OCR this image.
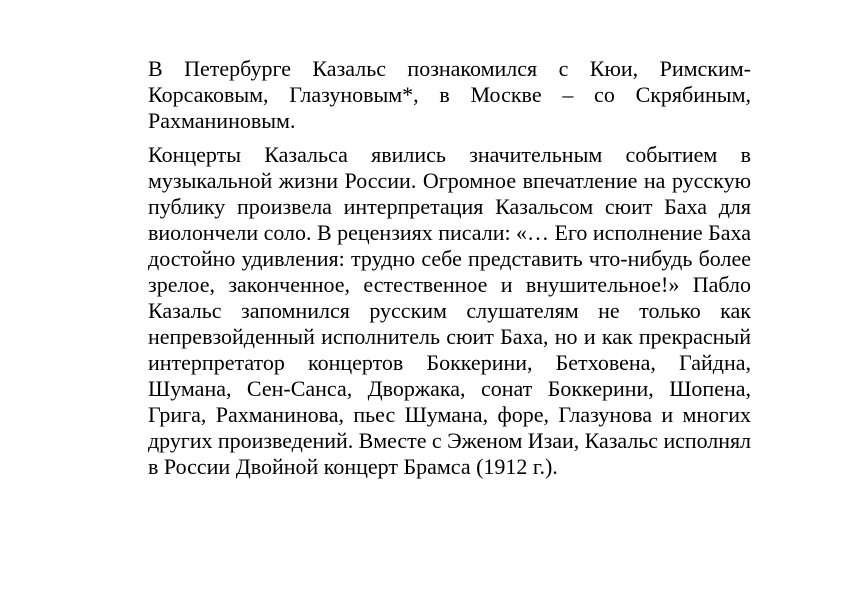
В Петербурге Казальс познакомился с Кюи, Римским-
Корсаковым, Глазуновым*, в Москве – со Скрябиным,
Рахманиновым.

Концерты Казальса явились значительным событием в
музыкальной жизни России. Огромное впечатление на русскую
публику произвела интерпретация Казальсом сюит Баха для
виолончели соло. В рецензиях писали: «… Его исполнение Баха
достойно удивления: трудно себе представить что-нибудь более
зрелое, законченное, естественное и внушительное!» Пабло
Казальс запомнился русским слушателям не только как
непревзойденный исполнитель сюит Баха, но и как прекрасный
интерпретатор концертов Боккерини, Бетховена, Гайдна,
Шумана, Сен-Санса, Дворжака, сонат Боккерини, Шопена,
Грига, Рахманинова, пьес Шумана, форе, Глазунова и многих
других произведений. Вместе с Эженом Изаи, Казальс исполнял
в России Двойной концерт Брамса (1912 г.).
